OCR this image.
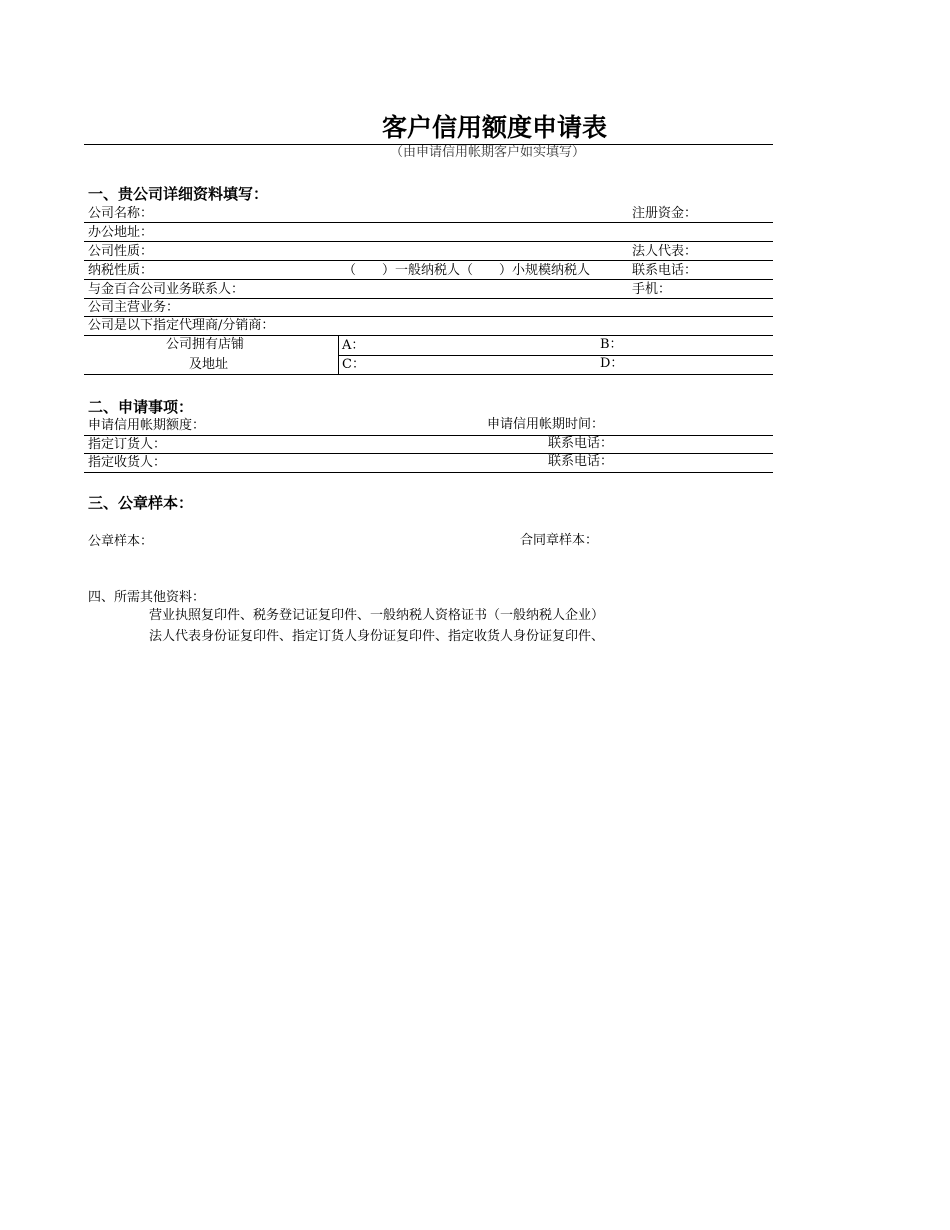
客户信用额度申请表
（由申请信用帐期客户如实填写）
一、贵公司详细资料填写：
公司名称：	注册资金：
办公地址：
公司性质：	法人代表：
纳税性质：	（　　）一般纳税人（　　）小规模纳税人	联系电话：
与金百合公司业务联系人：	手机：
公司主营业务：
公司是以下指定代理商/分销商：
公司拥有店铺
及地址
A：	B：
C：	D：
二、申请事项：
申请信用帐期额度：	申请信用帐期时间：
指定订货人：	联系电话：
指定收货人：	联系电话：
三、公章样本：
公章样本：	合同章样本：
四、所需其他资料：
营业执照复印件、税务登记证复印件、一般纳税人资格证书（一般纳税人企业）
法人代表身份证复印件、指定订货人身份证复印件、指定收货人身份证复印件、
